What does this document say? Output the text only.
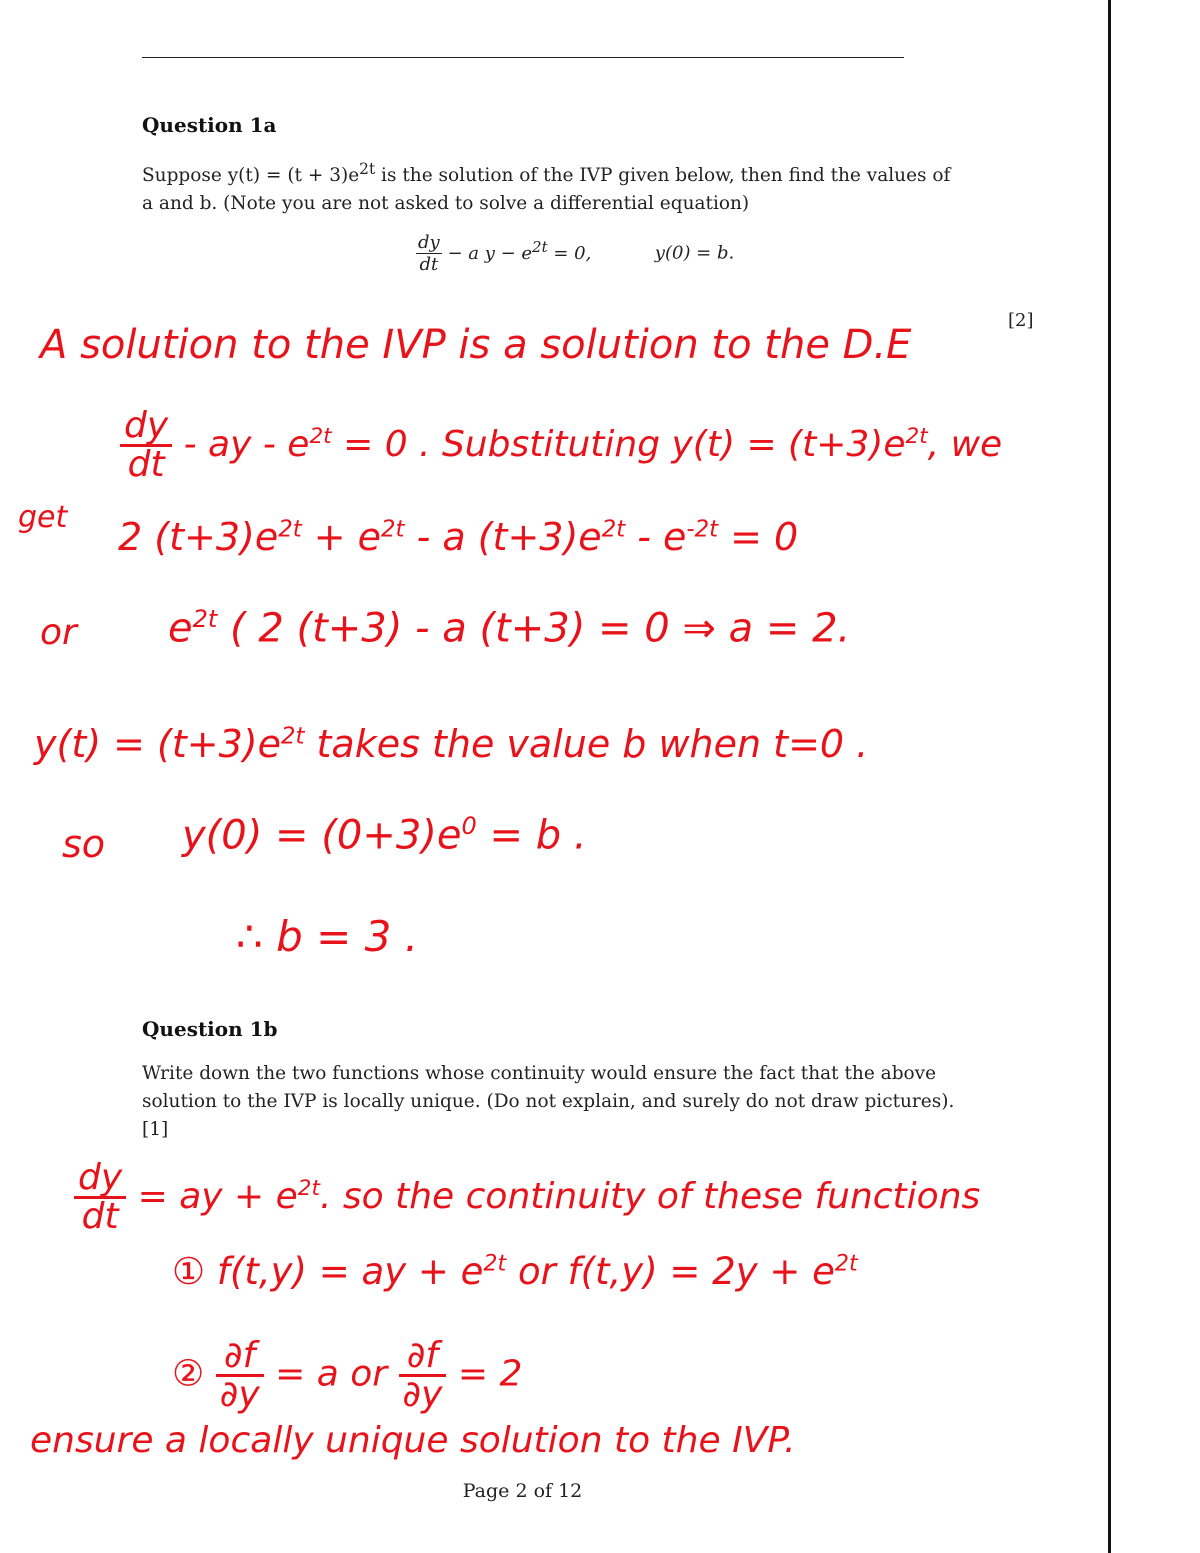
Question 1a
Suppose $y(t) = (t + 3)e^{2t}$ is the solution of the IVP given below, then find the values of
a and b. (Note you are not asked to solve a differential equation)
$\frac{dy}{dt} - a$ $y - e^{2t} = 0$,	y(0) = b.
[2]
A solution to the IVP is a solution to the D.E
$\frac{dy}{dt}$ - ay - $e^{2t} = 0$ . Substituting $y(t) = (t+3)e^{2t}$, we
get 2 $(t+3)e^{2t} + e^{2t} - a$ $(t+3)e^{2t} - e^{-2t} = 0$
or $e^{2t}$ ( 2 (t+3) - a (t+3) = 0 ⇒ a = 2.
$y(t) = (t+3)e^{2t}$ takes the value b when t=0 .
so $y(0) = (0+3)e^0 = b$ .
∴ b = 3 .
Question 1b
Write down the two functions whose continuity would ensure the fact that the above
solution to the IVP is locally unique. (Do not explain, and surely do not draw pictures).
[1]
$\frac{dy}{dt}$ = ay + $e^{2t}$. so the continuity of these functions
① f(t,y) = ay + $e^{2t}$ or $f(t,y) = 2y + e^{2t}$
② $\frac{\partial f}{\partial y} = a$ or $\frac{\partial f}{\partial y} = 2$
ensure a locally unique solution to the IVP.
Page 2 of 12
